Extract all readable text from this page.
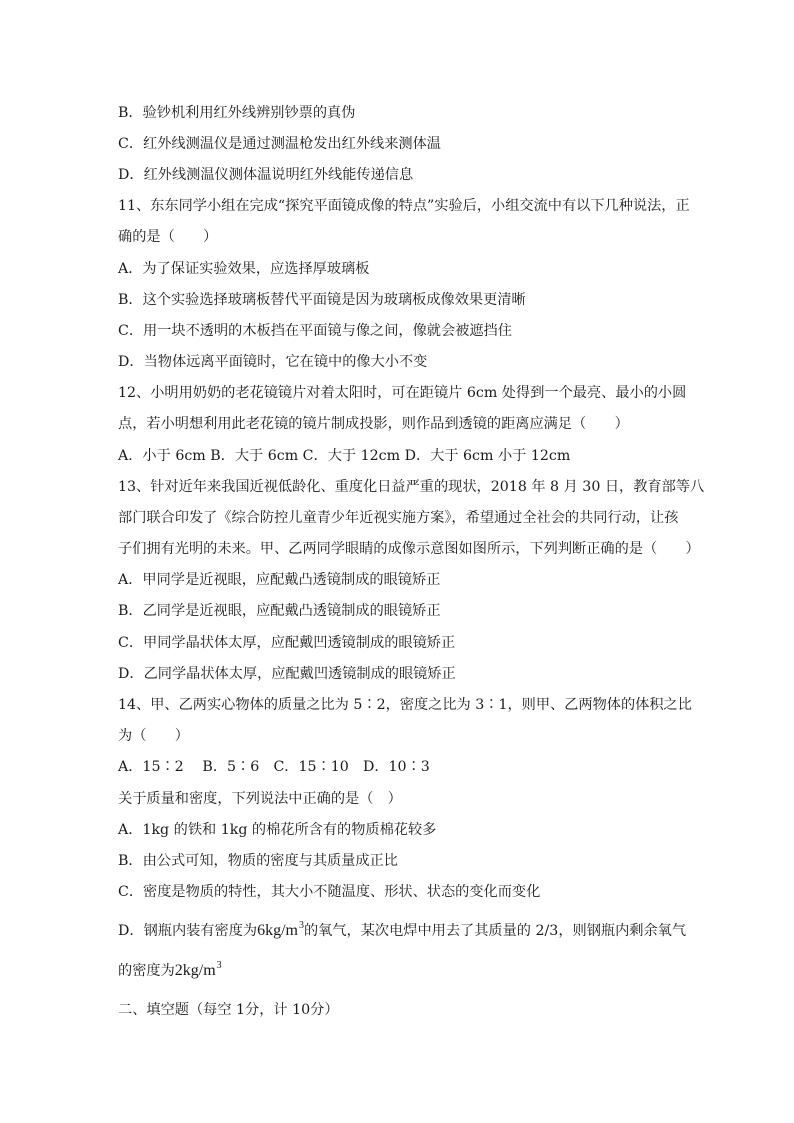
B．验钞机利用红外线辨别钞票的真伪
C．红外线测温仪是通过测温枪发出红外线来测体温
D．红外线测温仪测体温说明红外线能传递信息
11、东东同学小组在完成“探究平面镜成像的特点”实验后，小组交流中有以下几种说法，正
确的是（　　）
A．为了保证实验效果，应选择厚玻璃板
B．这个实验选择玻璃板替代平面镜是因为玻璃板成像效果更清晰
C．用一块不透明的木板挡在平面镜与像之间，像就会被遮挡住
D．当物体远离平面镜时，它在镜中的像大小不变
12、小明用奶奶的老花镜镜片对着太阳时，可在距镜片 6cm 处得到一个最亮、最小的小圆
点，若小明想利用此老花镜的镜片制成投影，则作品到透镜的距离应满足（　　）
A．小于 6cm B．大于 6cm C．大于 12cm D．大于 6cm 小于 12cm
13、针对近年来我国近视低龄化、重度化日益严重的现状，2018 年 8 月 30 日，教育部等八
部门联合印发了《综合防控儿童青少年近视实施方案》，希望通过全社会的共同行动，让孩
子们拥有光明的未来。甲、乙两同学眼睛的成像示意图如图所示，下列判断正确的是（　　）
A．甲同学是近视眼，应配戴凸透镜制成的眼镜矫正
B．乙同学是近视眼，应配戴凸透镜制成的眼镜矫正
C．甲同学晶状体太厚，应配戴凹透镜制成的眼镜矫正
D．乙同学晶状体太厚，应配戴凹透镜制成的眼镜矫正
14、甲、乙两实心物体的质量之比为 5∶2，密度之比为 3∶1，则甲、乙两物体的体积之比
为（　　）
A．15∶2　 B．5∶6　C．15∶10　D．10∶3
关于质量和密度，下列说法中正确的是（　）
A．1kg 的铁和 1kg 的棉花所含有的物质棉花较多
B．由公式可知，物质的密度与其质量成正比
C．密度是物质的特性，其大小不随温度、形状、状态的变化而变化
D．钢瓶内装有密度为$6kg/m^3$的氧气，某次电焊中用去了其质量的 2/3，则钢瓶内剩余氧气
的密度为$2kg/m^3$
二、填空题（每空 1分，计 10分）
